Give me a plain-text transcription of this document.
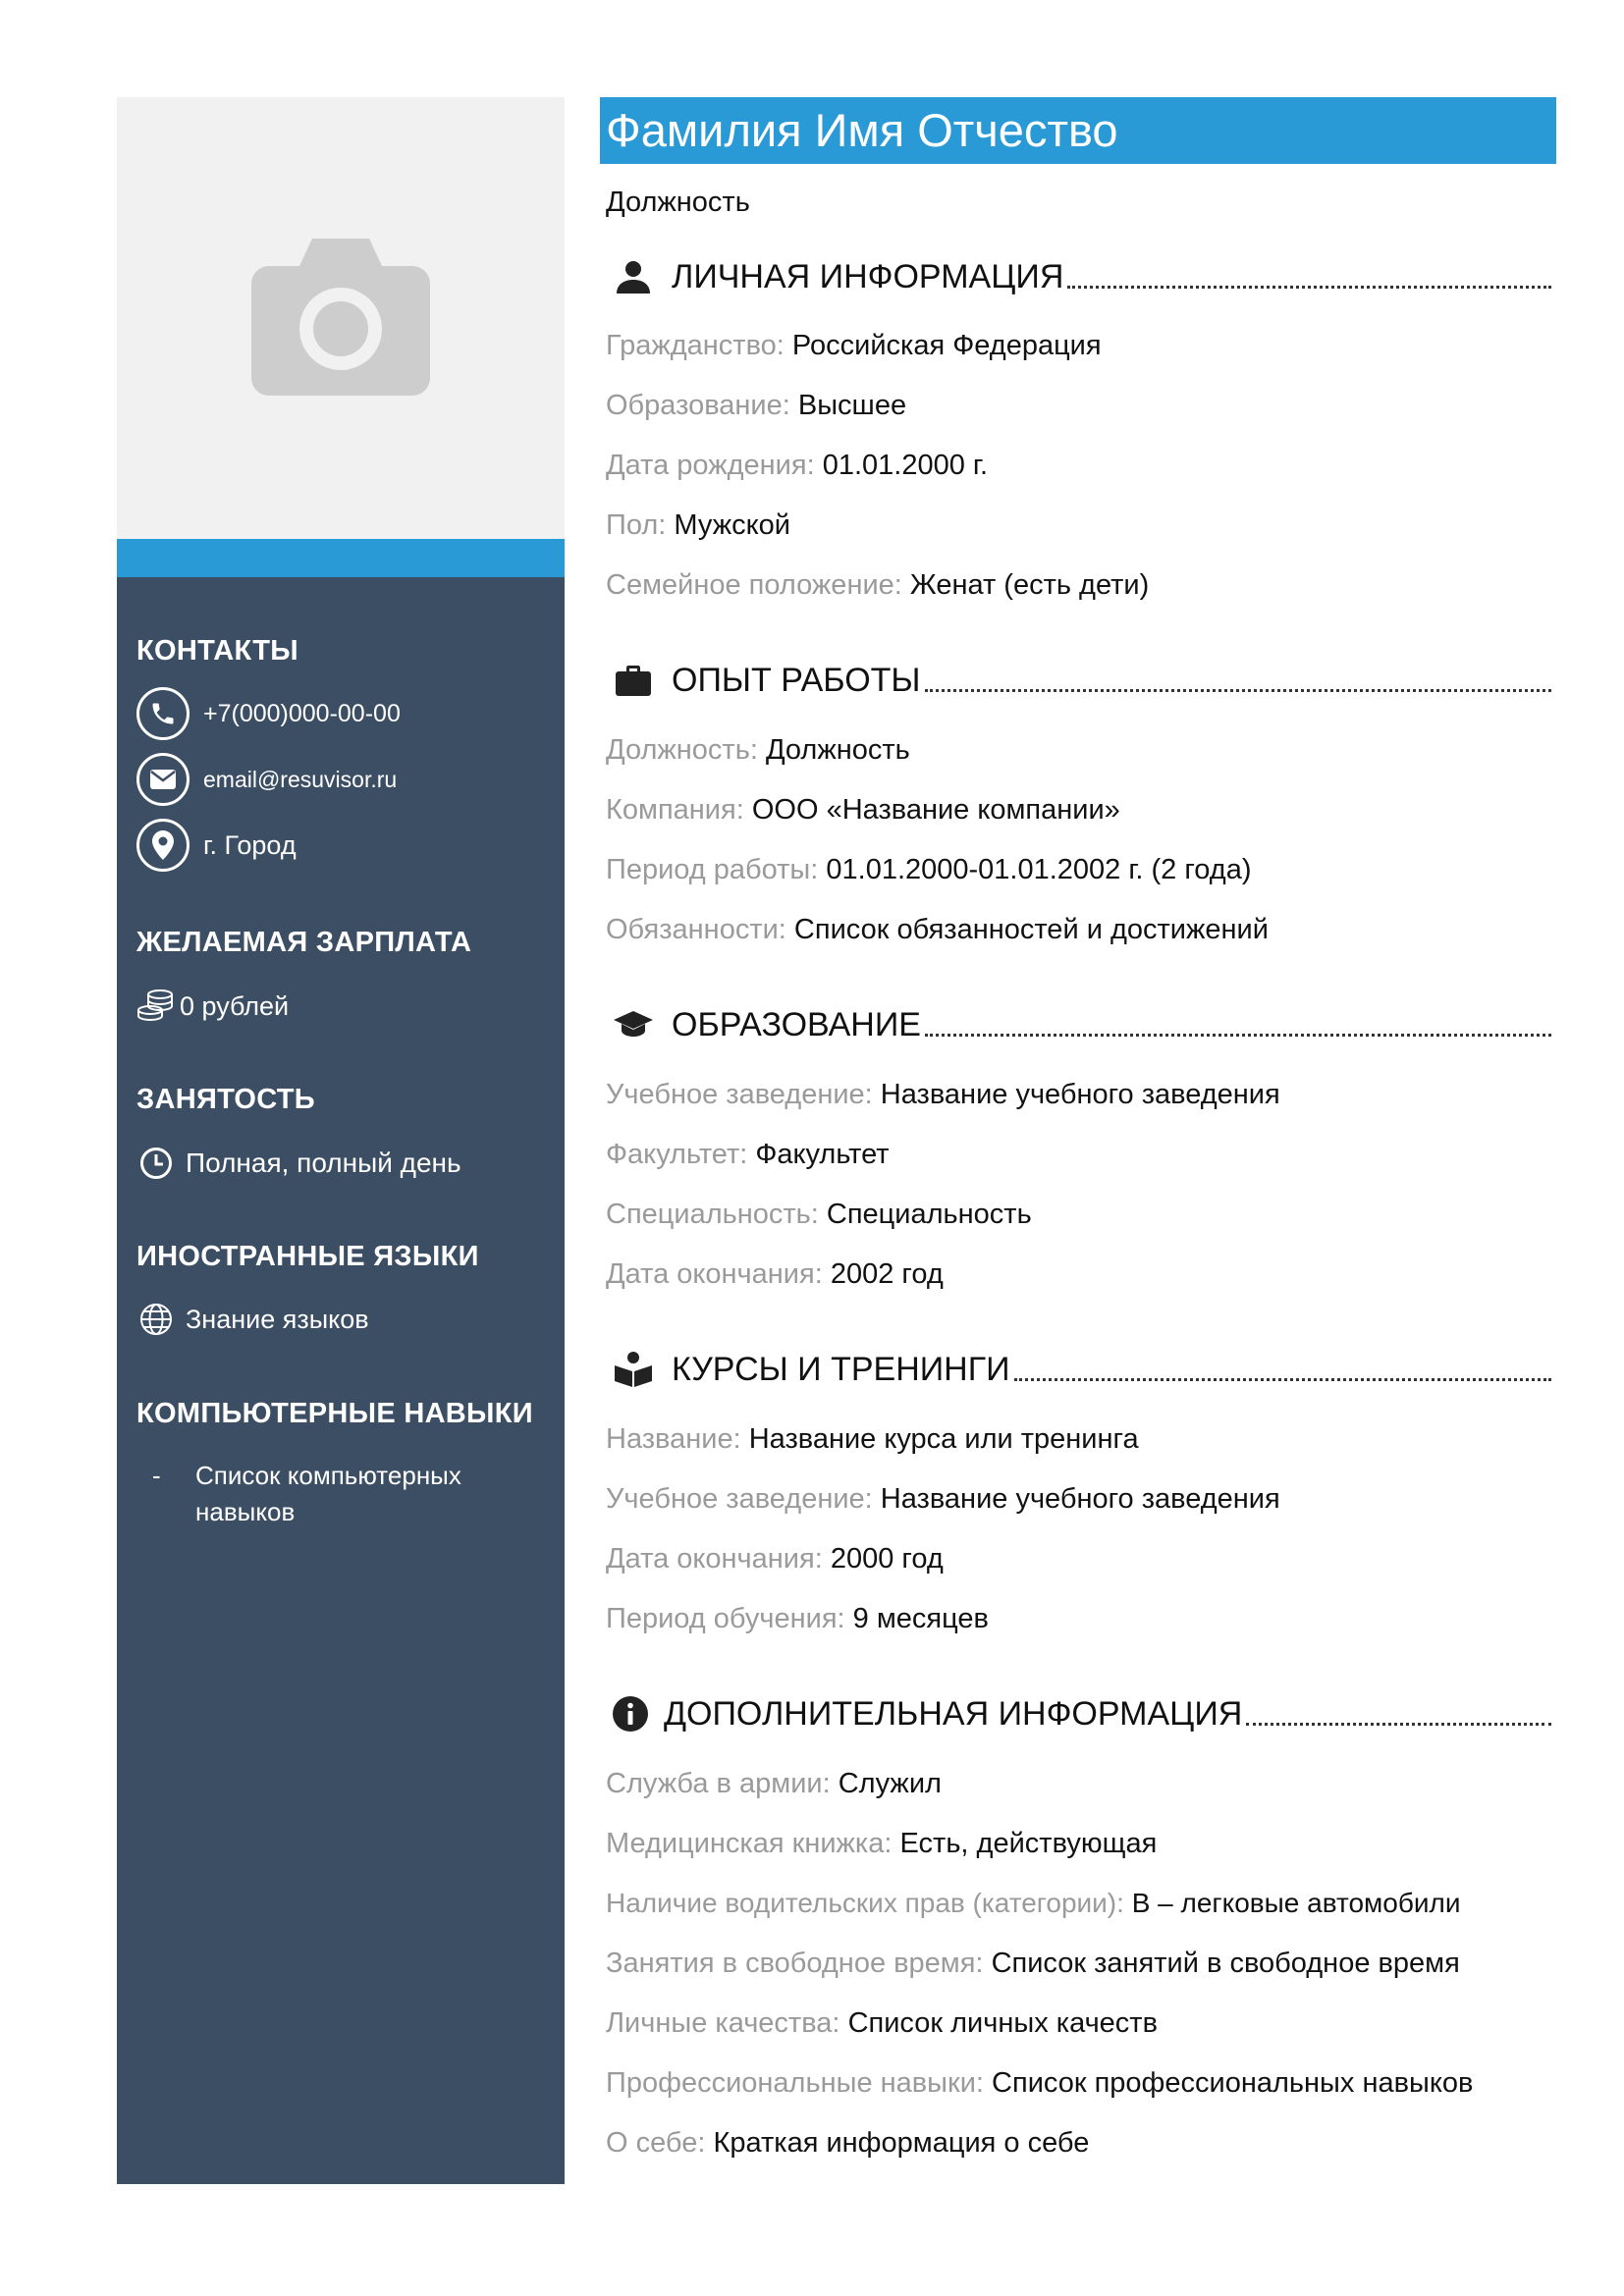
КОНТАКТЫ
+7(000)000-00-00
email@resuvisor.ru
г. Город
ЖЕЛАЕМАЯ ЗАРПЛАТА
0 рублей
ЗАНЯТОСТЬ
Полная, полный день
ИНОСТРАННЫЕ ЯЗЫКИ
Знание языков
КОМПЬЮТЕРНЫЕ НАВЫКИ
-	Список компьютерных
навыков
Фамилия Имя Отчество
Должность
ЛИЧНАЯ ИНФОРМАЦИЯ
Гражданство: Российская Федерация
Образование: Высшее
Дата рождения: 01.01.2000 г.
Пол: Мужской
Семейное положение: Женат (есть дети)
ОПЫТ РАБОТЫ
Должность: Должность
Компания: ООО «Название компании»
Период работы: 01.01.2000-01.01.2002 г. (2 года)
Обязанности: Список обязанностей и достижений
ОБРАЗОВАНИЕ
Учебное заведение: Название учебного заведения
Факультет: Факультет
Специальность: Специальность
Дата окончания: 2002 год
КУРСЫ И ТРЕНИНГИ
Название: Название курса или тренинга
Учебное заведение: Название учебного заведения
Дата окончания: 2000 год
Период обучения: 9 месяцев
ДОПОЛНИТЕЛЬНАЯ ИНФОРМАЦИЯ
Служба в армии: Служил
Медицинская книжка: Есть, действующая
Наличие водительских прав (категории): B – легковые автомобили
Занятия в свободное время: Список занятий в свободное время
Личные качества: Список личных качеств
Профессиональные навыки: Список профессиональных навыков
О себе: Краткая информация о себе
